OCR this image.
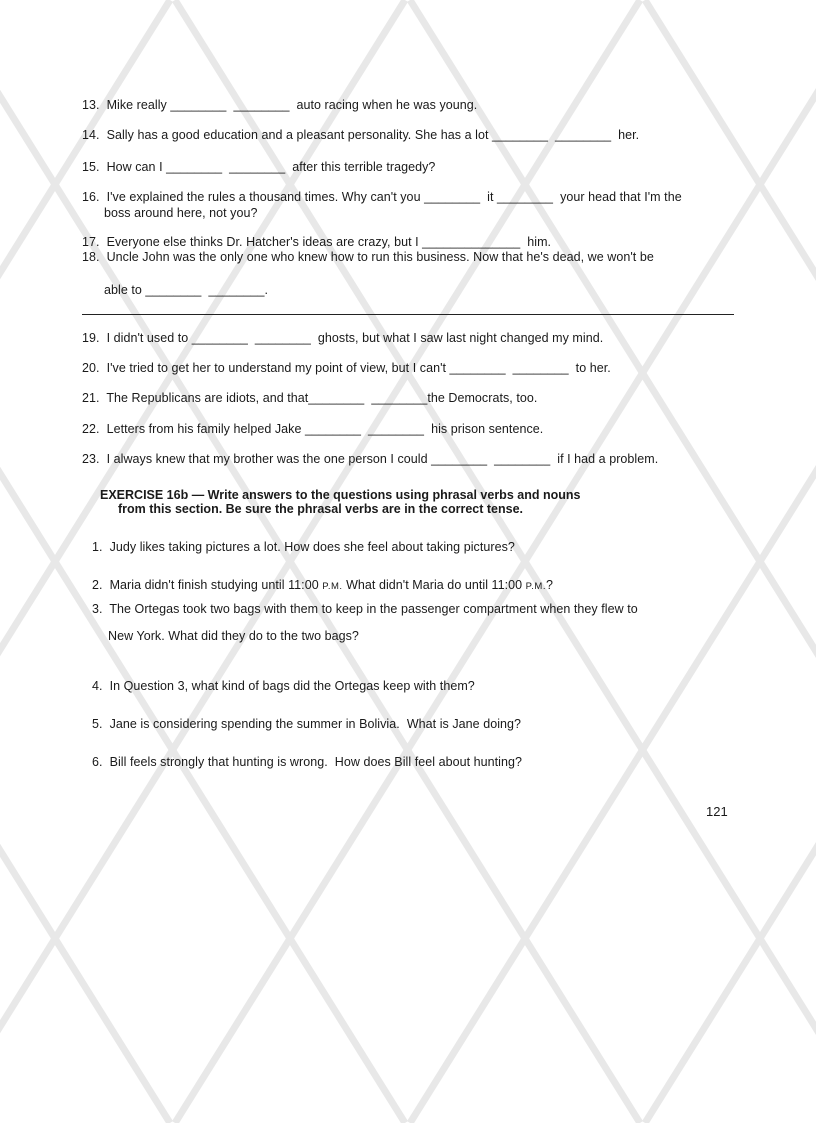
13.  Mike really ________  ________  auto racing when he was young.
14.  Sally has a good education and a pleasant personality. She has a lot ________  ________  her.
15.  How can I ________  ________  after this terrible tragedy?
16.  I've explained the rules a thousand times. Why can't you ________  it ________  your head that I'm the
boss around here, not you?
17.  Everyone else thinks Dr. Hatcher's ideas are crazy, but I ______________  him.
18.  Uncle John was the only one who knew how to run this business. Now that he's dead, we won't be
able to ________  ________.
19.  I didn't used to ________  ________  ghosts, but what I saw last night changed my mind.
20.  I've tried to get her to understand my point of view, but I can't ________  ________  to her.
21.  The Republicans are idiots, and that________  ________the Democrats, too.
22.  Letters from his family helped Jake ________  ________  his prison sentence.
23.  I always knew that my brother was the one person I could ________  ________  if I had a problem.
EXERCISE 16b — Write answers to the questions using phrasal verbs and nouns
from this section. Be sure the phrasal verbs are in the correct tense.
1.  Judy likes taking pictures a lot. How does she feel about taking pictures?
2.  Maria didn't finish studying until 11:00 P.M. What didn't Maria do until 11:00 P.M.?
3.  The Ortegas took two bags with them to keep in the passenger compartment when they flew to
New York. What did they do to the two bags?
4.  In Question 3, what kind of bags did the Ortegas keep with them?
5.  Jane is considering spending the summer in Bolivia.  What is Jane doing?
6.  Bill feels strongly that hunting is wrong.  How does Bill feel about hunting?
121
